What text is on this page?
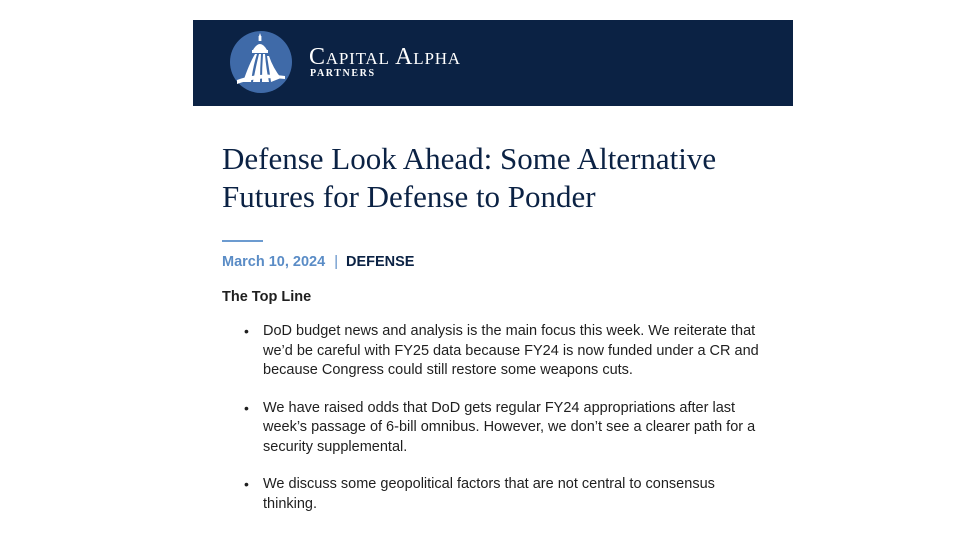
Capital Alpha
PARTNERS
Defense Look Ahead: Some Alternative Futures for Defense to Ponder
March 10, 2024 | DEFENSE
The Top Line
• DoD budget news and analysis is the main focus this week. We reiterate that we’d be careful with FY25 data because FY24 is now funded under a CR and because Congress could still restore some weapons cuts.
• We have raised odds that DoD gets regular FY24 appropriations after last week’s passage of 6-bill omnibus. However, we don’t see a clearer path for a security supplemental.
• We discuss some geopolitical factors that are not central to consensus thinking.
